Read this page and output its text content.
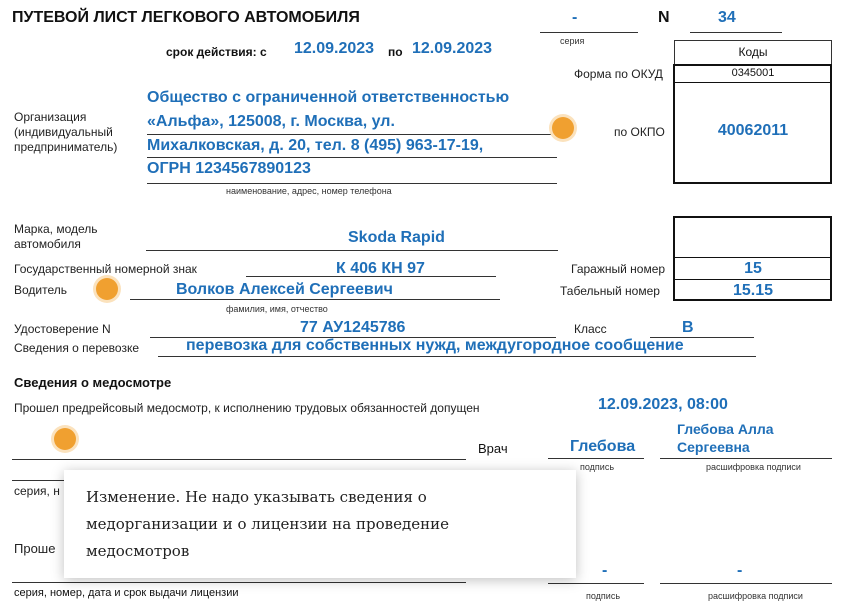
ПУТЕВОЙ ЛИСТ ЛЕГКОВОГО АВТОМОБИЛЯ	-
серия
N	34
срок действия: с 12.09.2023 по 12.09.2023	Коды
Форма по ОКУД	0345001
по ОКПО	40062011
Организация
(индивидуальный
предприниматель)
Общество с ограниченной ответственностью
«Альфа», 125008, г. Москва, ул.
Михалковская, д. 20, тел. 8 (495) 963-17-19,
ОГРН 1234567890123
наименование, адрес, номер телефона
Марка, модель
автомобиля	Skoda Rapid
Государственный номерной знак	К 406 КН 97	Гаражный номер	15
Водитель	Волков Алексей Сергеевич	Табельный номер	15.15
фамилия, имя, отчество
Удостоверение N	77 АУ1245786	Класс	В
Сведения о перевозке	перевозка для собственных нужд, междугородное сообщение
Сведения о медосмотре
Прошел предрейсовый медосмотр, к исполнению трудовых обязанностей допущен	12.09.2023, 08:00
Врач	Глебова
Глебова Алла
Сергеевна
подпись	расшифровка подписи
серия, н
Проше
-	-
серия, номер, дата и срок выдачи лицензии	подпись	расшифровка подписи
Изменение. Не надо указывать сведения о
медорганизации и о лицензии на проведение
медосмотров
